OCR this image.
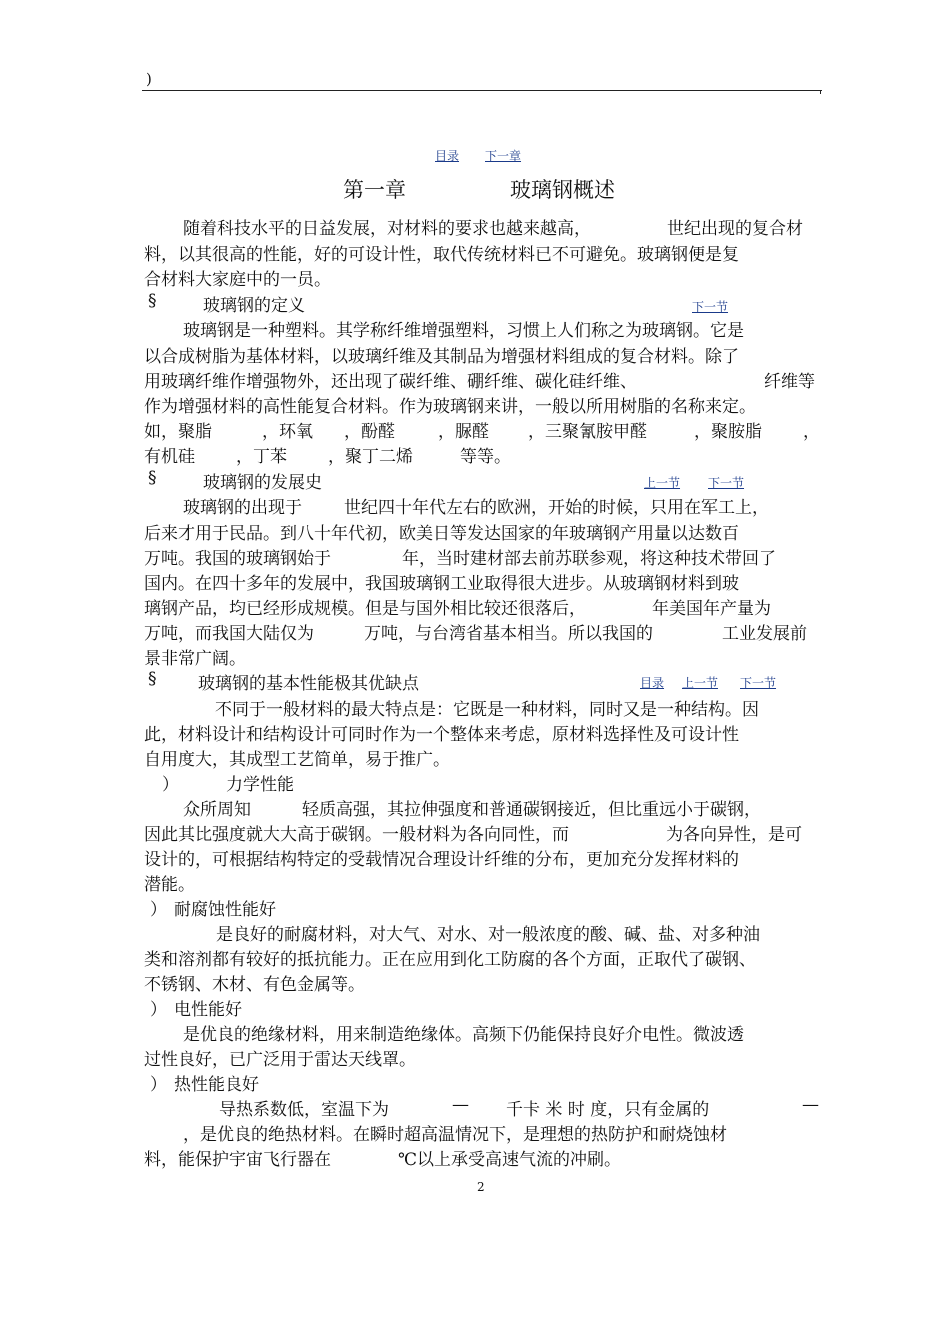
)
目录 下一章
第一章	玻璃钢概述
随着科技水平的日益发展，对材料的要求也越来越高，	世纪出现的复合材
料，以其很高的性能，好的可设计性，取代传统材料已不可避免。玻璃钢便是复
合材料大家庭中的一员。
§	玻璃钢的定义	下一节
玻璃钢是一种塑料。其学称纤维增强塑料，习惯上人们称之为玻璃钢。它是
以合成树脂为基体材料，以玻璃纤维及其制品为增强材料组成的复合材料。除了
用玻璃纤维作增强物外，还出现了碳纤维、硼纤维、碳化硅纤维、	纤维等
作为增强材料的高性能复合材料。作为玻璃钢来讲，一般以所用树脂的名称来定。
如，聚脂	，环氧 ，酚醛	，脲醛 ，三聚氰胺甲醛	，聚胺脂 ，
有机硅 ，丁苯 ，聚丁二烯	等等。
§	玻璃钢的发展史	上一节 下一节
玻璃钢的出现于 世纪四十年代左右的欧洲，开始的时候，只用在军工上，
后来才用于民品。到八十年代初，欧美日等发达国家的年玻璃钢产用量以达数百
万吨。我国的玻璃钢始于	年，当时建材部去前苏联参观，将这种技术带回了
国内。在四十多年的发展中，我国玻璃钢工业取得很大进步。从玻璃钢材料到玻
璃钢产品，均已经形成规模。但是与国外相比较还很落后，	年美国年产量为
万吨，而我国大陆仅为	万吨，与台湾省基本相当。所以我国的	工业发展前
景非常广阔。
§ 玻璃钢的基本性能极其优缺点	目录 上一节 下一节
不同于一般材料的最大特点是：它既是一种材料，同时又是一种结构。因
此，材料设计和结构设计可同时作为一个整体来考虑，原材料选择性及可设计性
自用度大，其成型工艺简单，易于推广。
）	力学性能
众所周知	轻质高强，其拉伸强度和普通碳钢接近，但比重远小于碳钢，
因此其比强度就大大高于碳钢。一般材料为各向同性，而	为各向异性，是可
设计的，可根据结构特定的受载情况合理设计纤维的分布，更加充分发挥材料的
潜能。
） 耐腐蚀性能好
是良好的耐腐材料，对大气、对水、对一般浓度的酸、碱、盐、对多种油
类和溶剂都有较好的抵抗能力。正在应用到化工防腐的各个方面，正取代了碳钢、
不锈钢、木材、有色金属等。
） 电性能好
是优良的绝缘材料，用来制造绝缘体。高频下仍能保持良好介电性。微波透
过性良好，已广泛用于雷达天线罩。
） 热性能良好
导热系数低，室温下为	— 千卡 米 时 度，只有金属的	—
，是优良的绝热材料。在瞬时超高温情况下，是理想的热防护和耐烧蚀材
料，能保护宇宙飞行器在	℃以上承受高速气流的冲刷。
2
